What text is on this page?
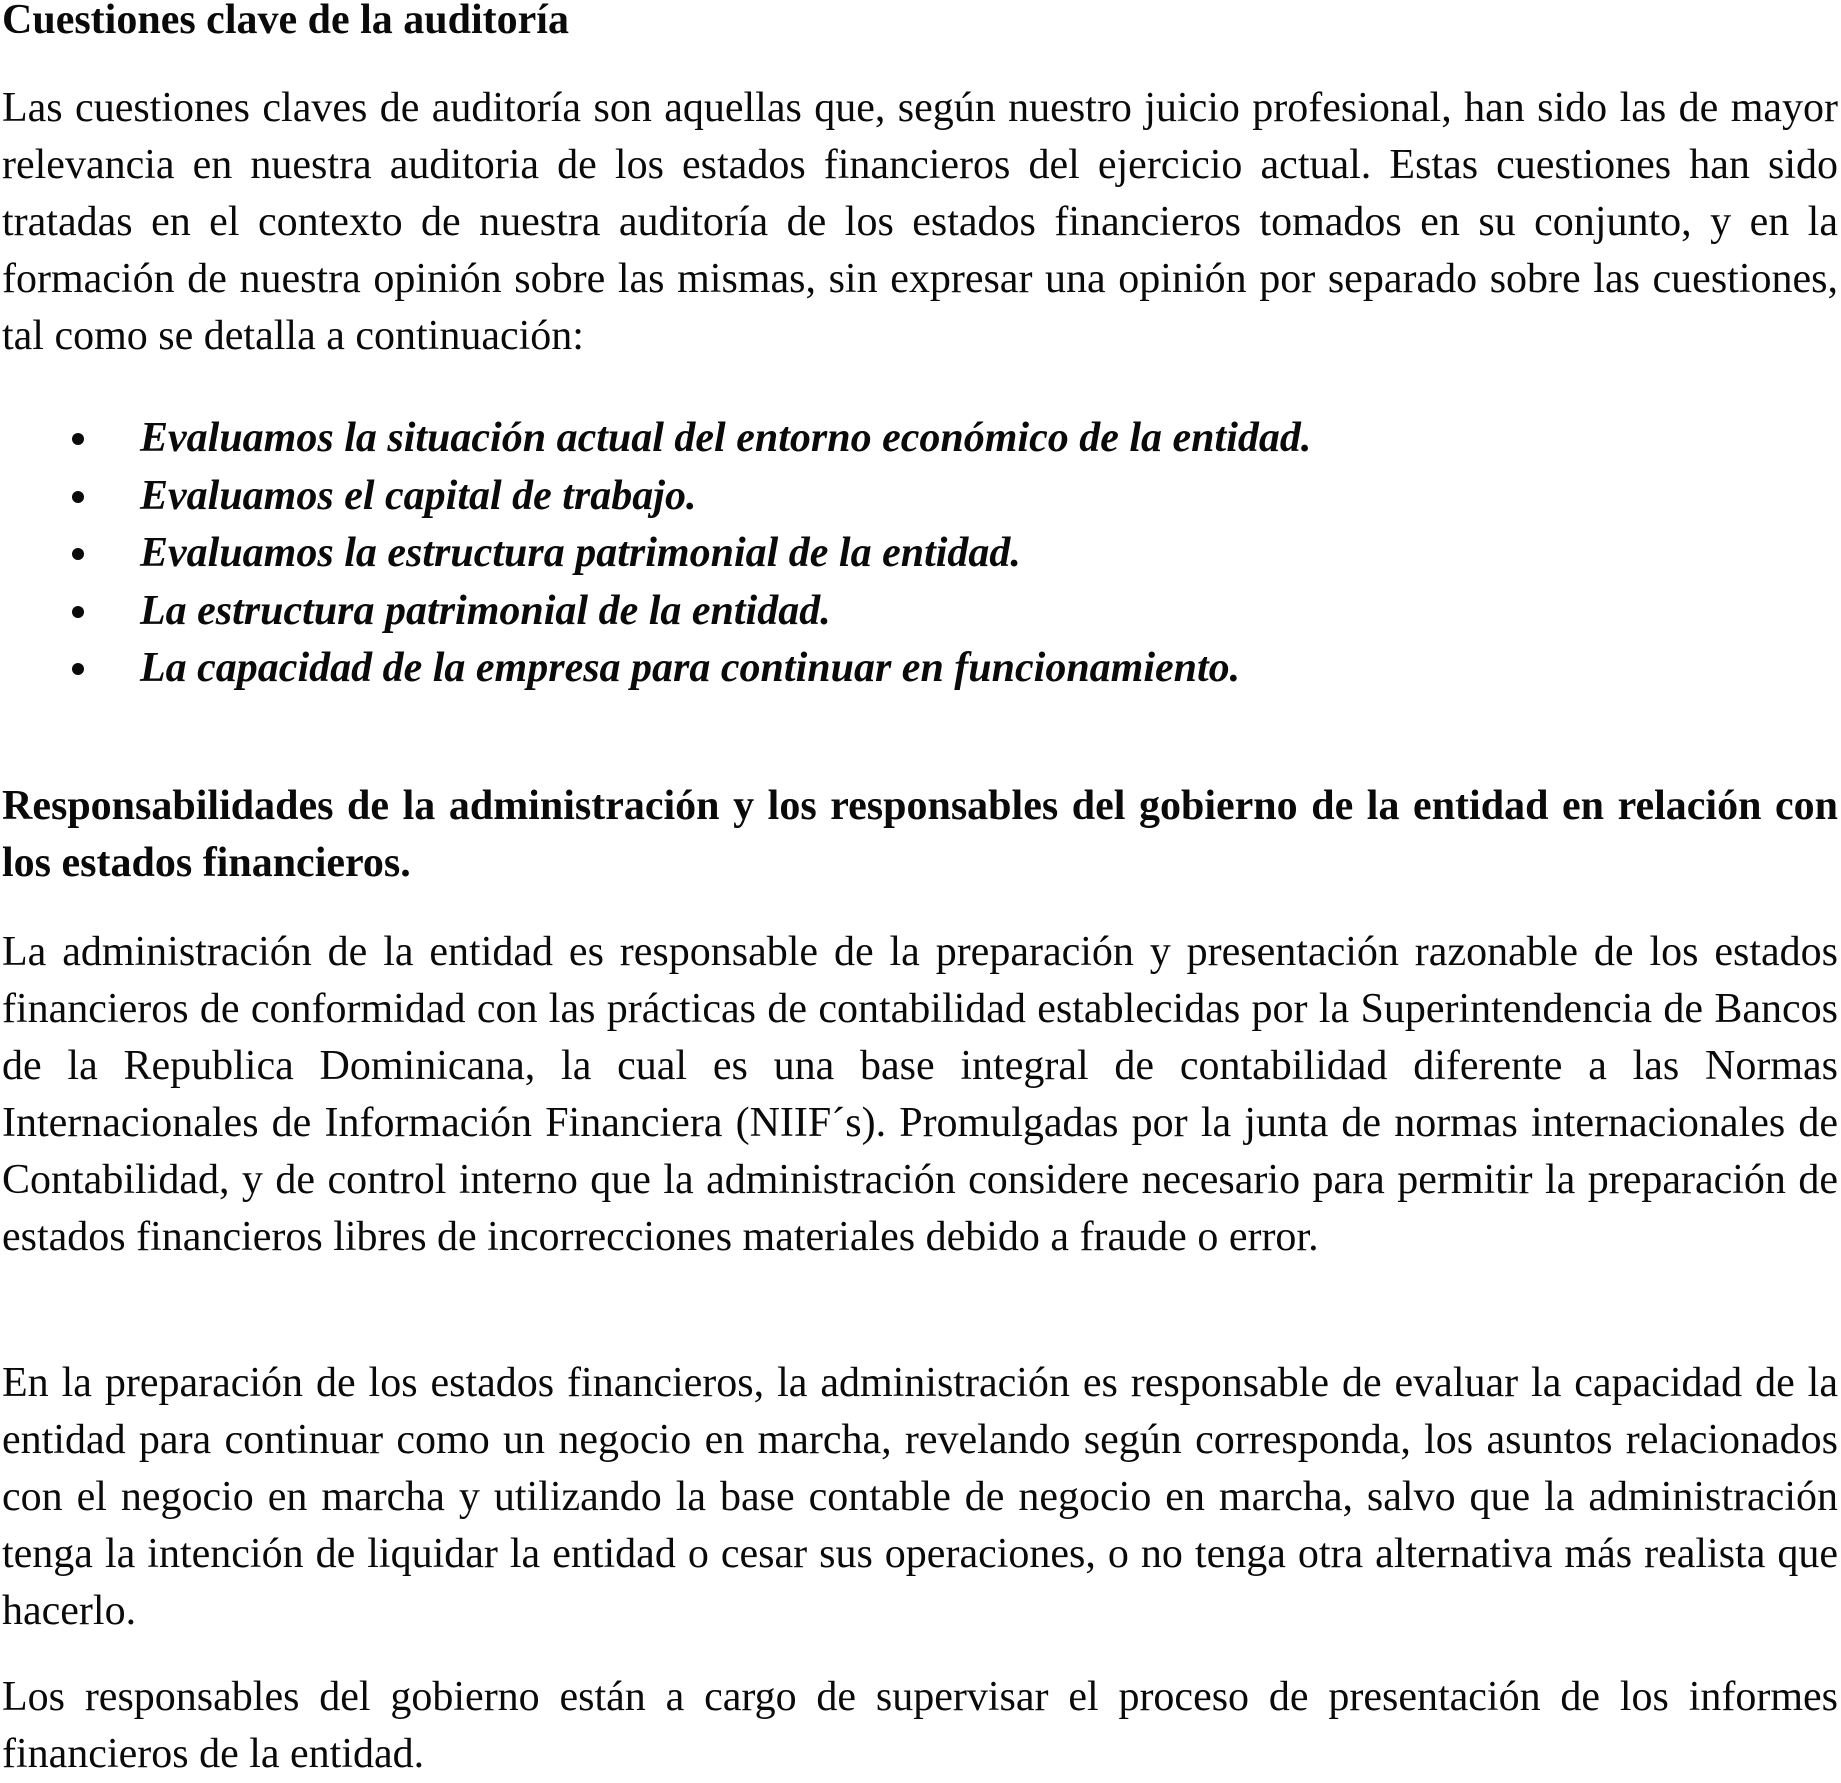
Cuestiones clave de la auditoría

Las cuestiones claves de auditoría son aquellas que, según nuestro juicio profesional, han sido las de mayor relevancia en nuestra auditoria de los estados financieros del ejercicio actual. Estas cuestiones han sido tratadas en el contexto de nuestra auditoría de los estados financieros tomados en su conjunto, y en la formación de nuestra opinión sobre las mismas, sin expresar una opinión por separado sobre las cuestiones, tal como se detalla a continuación:

Evaluamos la situación actual del entorno económico de la entidad.
Evaluamos el capital de trabajo.
Evaluamos la estructura patrimonial de la entidad.
La estructura patrimonial de la entidad.
La capacidad de la empresa para continuar en funcionamiento.
Responsabilidades de la administración y los responsables del gobierno de la entidad en relación con los estados financieros.

La administración de la entidad es responsable de la preparación y presentación razonable de los estados financieros de conformidad con las prácticas de contabilidad establecidas por la Superintendencia de Bancos de la Republica Dominicana, la cual es una base integral de contabilidad diferente a las Normas Internacionales de Información Financiera (NIIF´s). Promulgadas por la junta de normas internacionales de Contabilidad, y de control interno que la administración considere necesario para permitir la preparación de estados financieros libres de incorrecciones materiales debido a fraude o error.

En la preparación de los estados financieros, la administración es responsable de evaluar la capacidad de la entidad para continuar como un negocio en marcha, revelando según corresponda, los asuntos relacionados con el negocio en marcha y utilizando la base contable de negocio en marcha, salvo que la administración tenga la intención de liquidar la entidad o cesar sus operaciones, o no tenga otra alternativa más realista que hacerlo.

Los responsables del gobierno están a cargo de supervisar el proceso de presentación de los informes financieros de la entidad.
